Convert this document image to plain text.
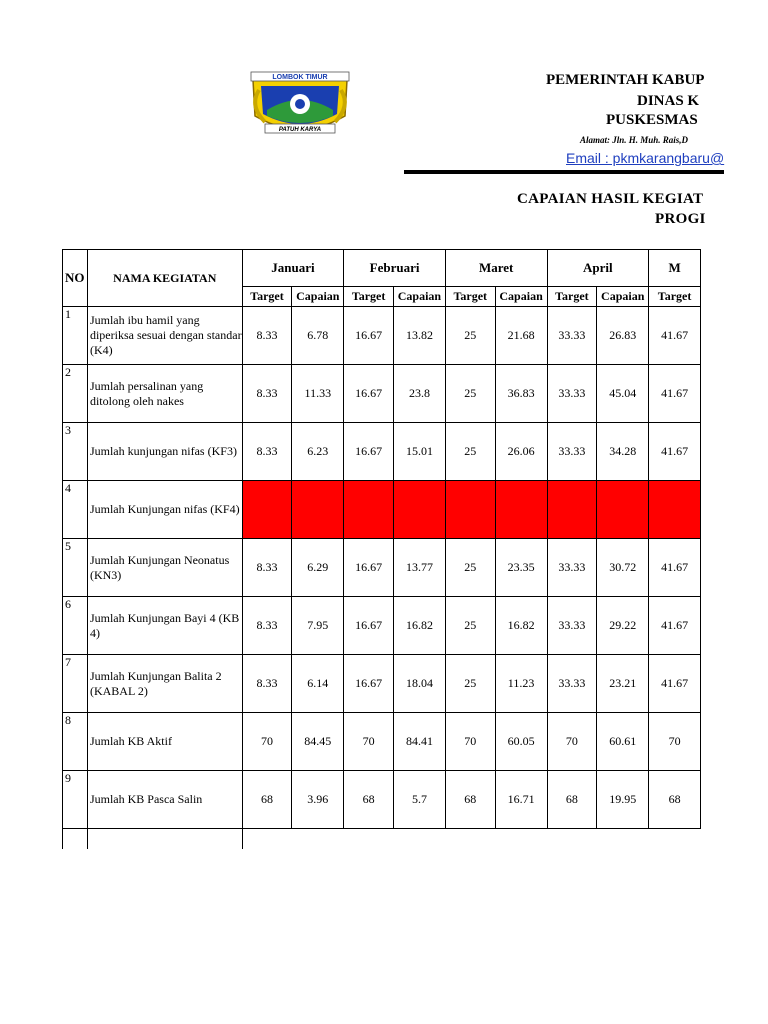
LOMBOK TIMUR
PATUH KARYA
PEMERINTAH KABUP
DINAS K
PUSKESMAS
Alamat: Jln. H. Muh. Rais,D
Email : pkmkarangbaru@
CAPAIAN HASIL KEGIAT
PROGI
NO	NAMA KEGIATAN	Januari		Februari		Maret		April		M
		Target	Capaian	Target	Capaian	Target	Capaian	Target	Capaian	Target
1	Jumlah ibu hamil yang diperiksa sesuai dengan standar (K4)	8.33	6.78	16.67	13.82	25	21.68	33.33	26.83	41.67
2	Jumlah persalinan yang ditolong oleh nakes	8.33	11.33	16.67	23.8	25	36.83	33.33	45.04	41.67
3	Jumlah kunjungan nifas (KF3)	8.33	6.23	16.67	15.01	25	26.06	33.33	34.28	41.67
4	Jumlah Kunjungan nifas (KF4)									
5	Jumlah Kunjungan Neonatus (KN3)	8.33	6.29	16.67	13.77	25	23.35	33.33	30.72	41.67
6	Jumlah Kunjungan Bayi 4 (KB 4)	8.33	7.95	16.67	16.82	25	16.82	33.33	29.22	41.67
7	Jumlah Kunjungan Balita 2 (KABAL 2)	8.33	6.14	16.67	18.04	25	11.23	33.33	23.21	41.67
8	Jumlah KB Aktif	70	84.45	70	84.41	70	60.05	70	60.61	70
9	Jumlah KB Pasca Salin	68	3.96	68	5.7	68	16.71	68	19.95	68
